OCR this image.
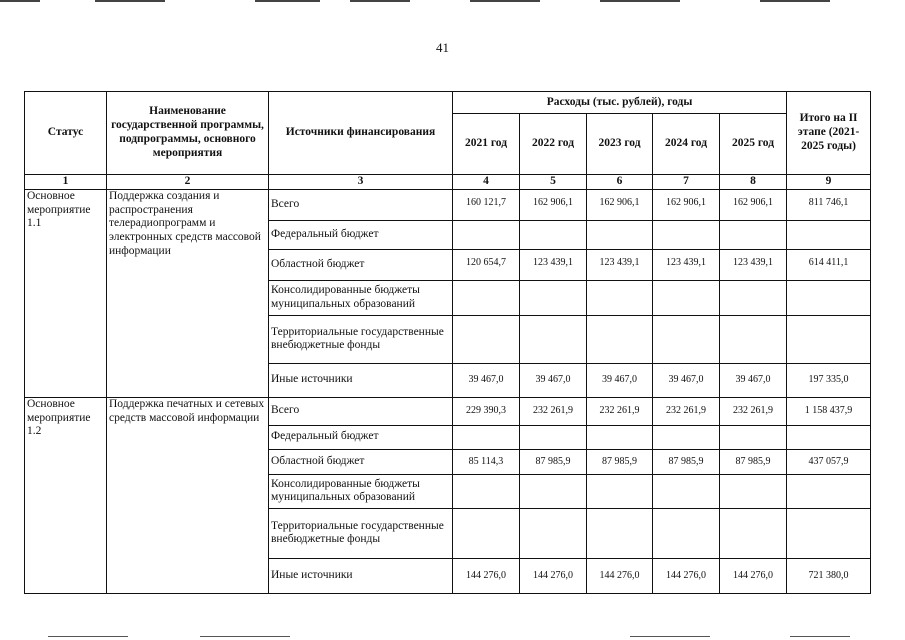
41
Статус	Наименование государственной программы, подпрограммы, основного мероприятия	Источники финансирования	Расходы (тыс. рублей), годы					Итого на II этапе (2021-2025 годы)
			2021 год	2022 год	2023 год	2024 год	2025 год	
1	2	3	4	5	6	7	8	9
Основное мероприятие 1.1	Поддержка создания и распространения телерадиопрограмм и электронных средств массовой информации	Всего	160 121,7	162 906,1	162 906,1	162 906,1	162 906,1	811 746,1
		Федеральный бюджет						
		Областной бюджет	120 654,7	123 439,1	123 439,1	123 439,1	123 439,1	614 411,1
		Консолидированные бюджеты муниципальных образований						
		Территориальные государственные внебюджетные фонды						
		Иные источники	39 467,0	39 467,0	39 467,0	39 467,0	39 467,0	197 335,0
Основное мероприятие 1.2	Поддержка печатных и сетевых средств массовой информации	Всего	229 390,3	232 261,9	232 261,9	232 261,9	232 261,9	1 158 437,9
		Федеральный бюджет						
		Областной бюджет	85 114,3	87 985,9	87 985,9	87 985,9	87 985,9	437 057,9
		Консолидированные бюджеты муниципальных образований						
		Территориальные государственные внебюджетные фонды						
		Иные источники	144 276,0	144 276,0	144 276,0	144 276,0	144 276,0	721 380,0
